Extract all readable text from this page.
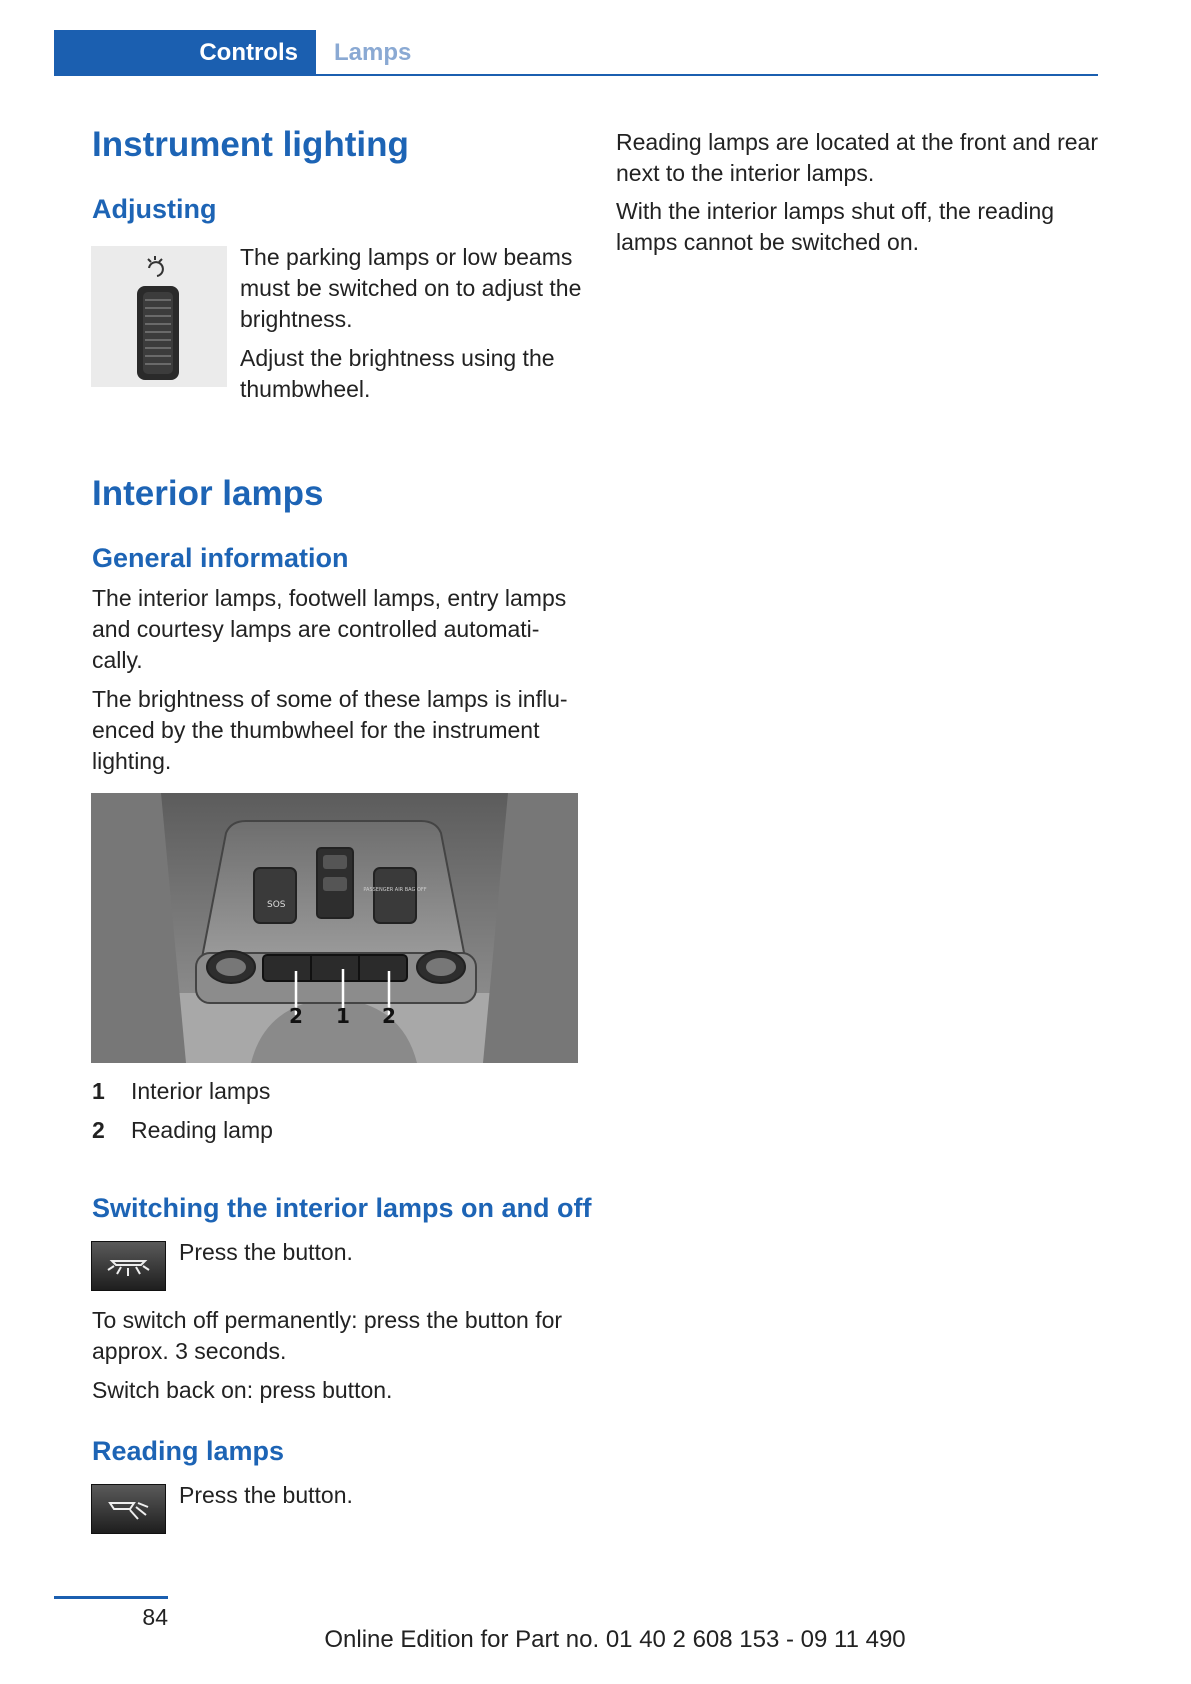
Controls	Lamps
Instrument lighting
Adjusting
The parking lamps or low beams
must be switched on to adjust the
brightness.
Adjust the brightness using the
thumbwheel.
Interior lamps
General information
The interior lamps, footwell lamps, entry lamps
and courtesy lamps are controlled automati‐
cally.
The brightness of some of these lamps is influ‐
enced by the thumbwheel for the instrument
lighting.
SOS
PASSENGER AIR BAG OFF
2 1 2
1 Interior lamps
2 Reading lamp
Switching the interior lamps on and off
Press the button.
To switch off permanently: press the button for
approx. 3 seconds.
Switch back on: press button.
Reading lamps
Press the button.
Reading lamps are located at the front and rear
next to the interior lamps.
With the interior lamps shut off, the reading
lamps cannot be switched on.
84
Online Edition for Part no. 01 40 2 608 153 - 09 11 490
